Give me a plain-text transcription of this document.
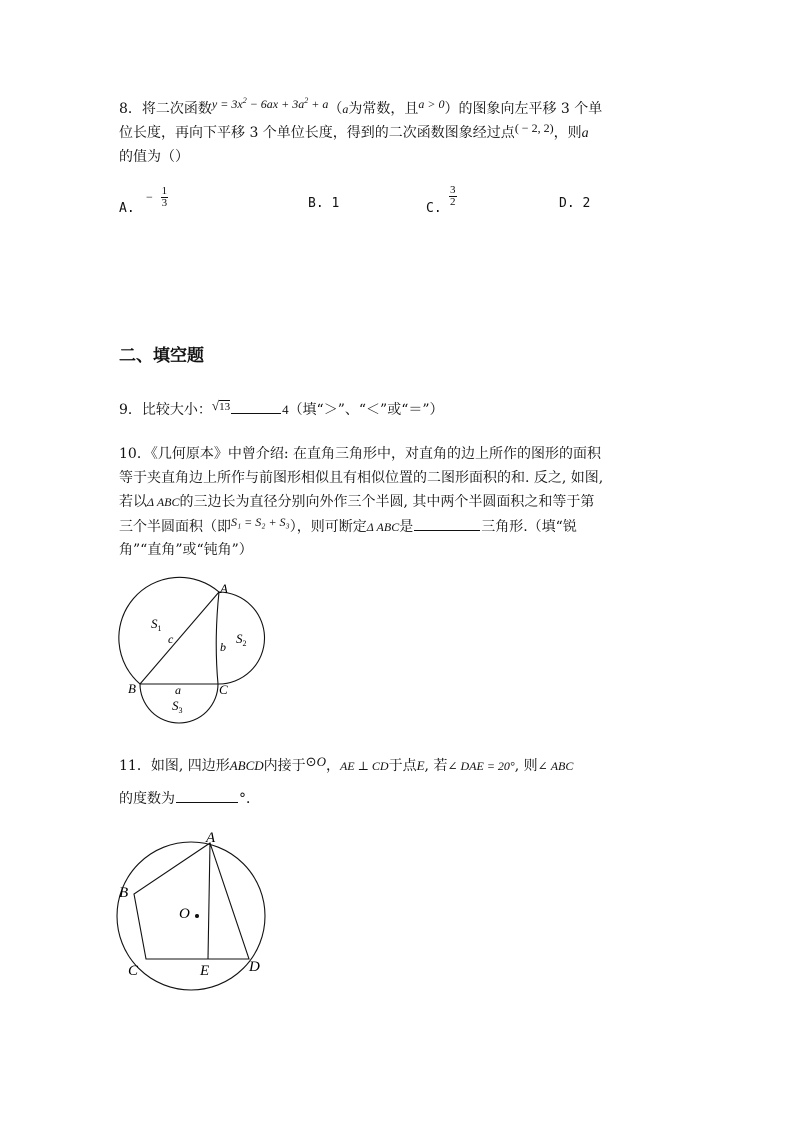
8．将二次函数$y = 3x^2 - 6ax + 3a^2 + a(a$为常数，且a > 0）的图象向左平移 3 个单
位长度，再向下平移 3 个单位长度，得到的二次函数图象经过点( − 2, 2)，则a
的值为（）
A.
− $\frac{1}{3}$	B. 1	C.
$\frac{3}{2}$	D. 2
二、填空题
9．比较大小：√13	4（填“＞”、“＜”或“＝”）
10．《几何原本》中曾介绍: 在直角三角形中，对直角的边上所作的图形的面积
等于夹直角边上所作与前图形相似且有相似位置的二图形面积的和. 反之, 如图,
若以Δ ABC的三边长为直径分别向外作三个半圆, 其中两个半圆面积之和等于第
三个半圆面积（即S₁ = S₂ + S₃），则可断定Δ ABC是	三角形.（填“锐
角”“直角”或“钝角”）
A
B	C
a
b
c
$S_1$
$S_2$
$S_3$
11．如图, 四边形ABCD内接于⊙O，AE ⊥ CD于点E, 若∠ DAE = 20°, 则∠ ABC
的度数为	°．
A
B
C	D
E
O
